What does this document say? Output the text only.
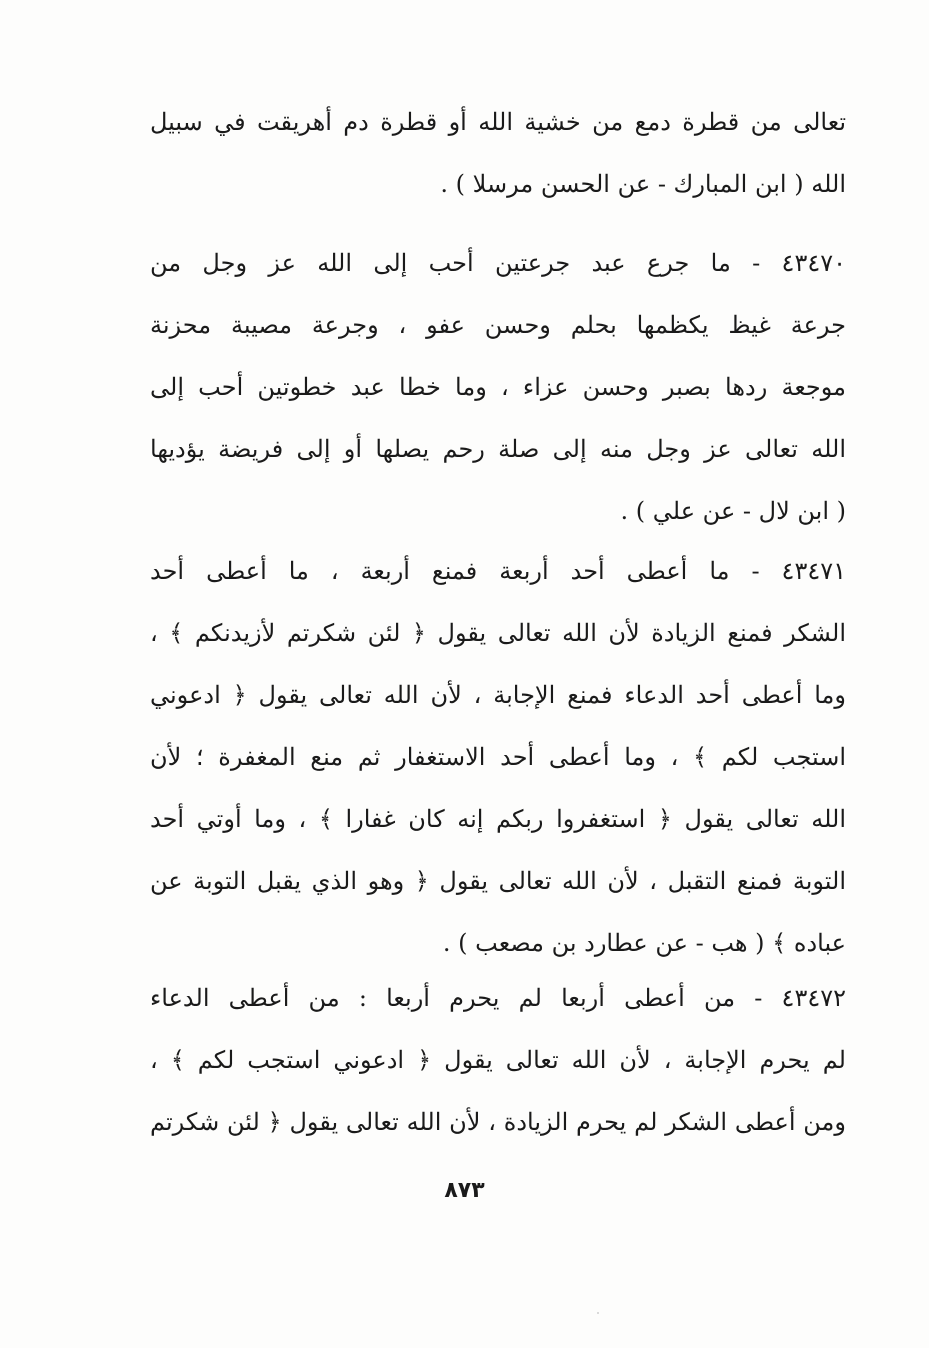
تعالى من قطرة دمع من خشية الله أو قطرة دم أهريقت في سبيل
الله ( ابن المبارك - عن الحسن مرسلا ) .
٤٣٤٧٠ - ما جرع عبد جرعتين أحب إلى الله عز وجل من
جرعة غيظ يكظمها بحلم وحسن عفو ، وجرعة مصيبة محزنة
موجعة ردها بصبر وحسن عزاء ، وما خطا عبد خطوتين أحب إلى
الله تعالى عز وجل منه إلى صلة رحم يصلها أو إلى فريضة يؤديها
( ابن لال - عن علي ) .
٤٣٤٧١ - ما أعطى أحد أربعة فمنع أربعة ، ما أعطى أحد
الشكر فمنع الزيادة لأن الله تعالى يقول ﴿ لئن شكرتم لأزيدنكم ﴾ ،
وما أعطى أحد الدعاء فمنع الإجابة ، لأن الله تعالى يقول ﴿ ادعوني
استجب لكم ﴾ ، وما أعطى أحد الاستغفار ثم منع المغفرة ؛ لأن
الله تعالى يقول ﴿ استغفروا ربكم إنه كان غفارا ﴾ ، وما أوتي أحد
التوبة فمنع التقبل ، لأن الله تعالى يقول ﴿ وهو الذي يقبل التوبة عن
عباده ﴾ ( هب - عن عطارد بن مصعب ) .
٤٣٤٧٢ - من أعطى أربعا لم يحرم أربعا : من أعطى الدعاء
لم يحرم الإجابة ، لأن الله تعالى يقول ﴿ ادعوني استجب لكم ﴾ ،
ومن أعطى الشكر لم يحرم الزيادة ، لأن الله تعالى يقول ﴿ لئن شكرتم
٨٧٣
